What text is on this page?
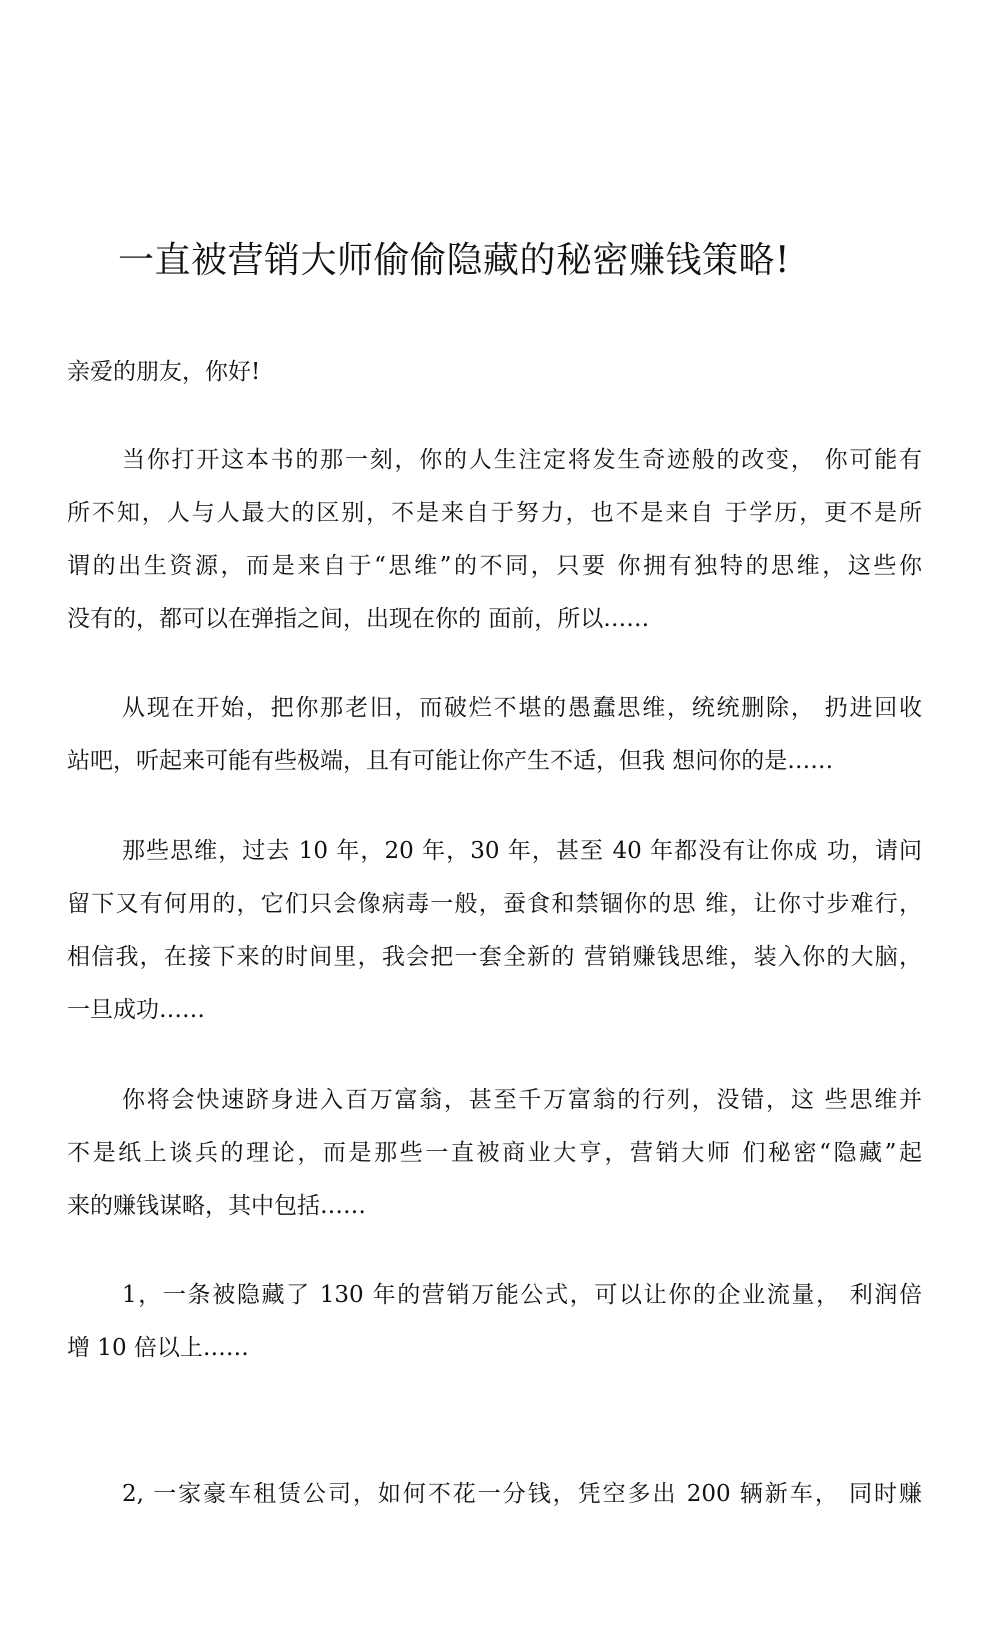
一直被营销大师偷偷隐藏的秘密赚钱策略!
亲爱的朋友，你好!
当你打开这本书的那一刻，你的人生注定将发生奇迹般的改变， 你可能有
所不知，人与人最大的区别，不是来自于努力，也不是来自 于学历，更不是所
谓的出生资源，而是来自于“思维”的不同，只要 你拥有独特的思维，这些你
没有的，都可以在弹指之间，出现在你的 面前，所以……
从现在开始，把你那老旧，而破烂不堪的愚蠢思维，统统删除， 扔进回收
站吧，听起来可能有些极端，且有可能让你产生不适，但我 想问你的是……
那些思维，过去 10 年，20 年，30 年，甚至 40 年都没有让你成 功，请问
留下又有何用的，它们只会像病毒一般，蚕食和禁锢你的思 维，让你寸步难行，
相信我，在接下来的时间里，我会把一套全新的 营销赚钱思维，装入你的大脑，
一旦成功……
你将会快速跻身进入百万富翁，甚至千万富翁的行列，没错，这 些思维并
不是纸上谈兵的理论，而是那些一直被商业大亨，营销大师 们秘密“隐藏”起
来的赚钱谋略，其中包括……
1，一条被隐藏了 130 年的营销万能公式，可以让你的企业流量， 利润倍
增 10 倍以上……
2, 一家豪车租赁公司，如何不花一分钱，凭空多出 200 辆新车， 同时赚
